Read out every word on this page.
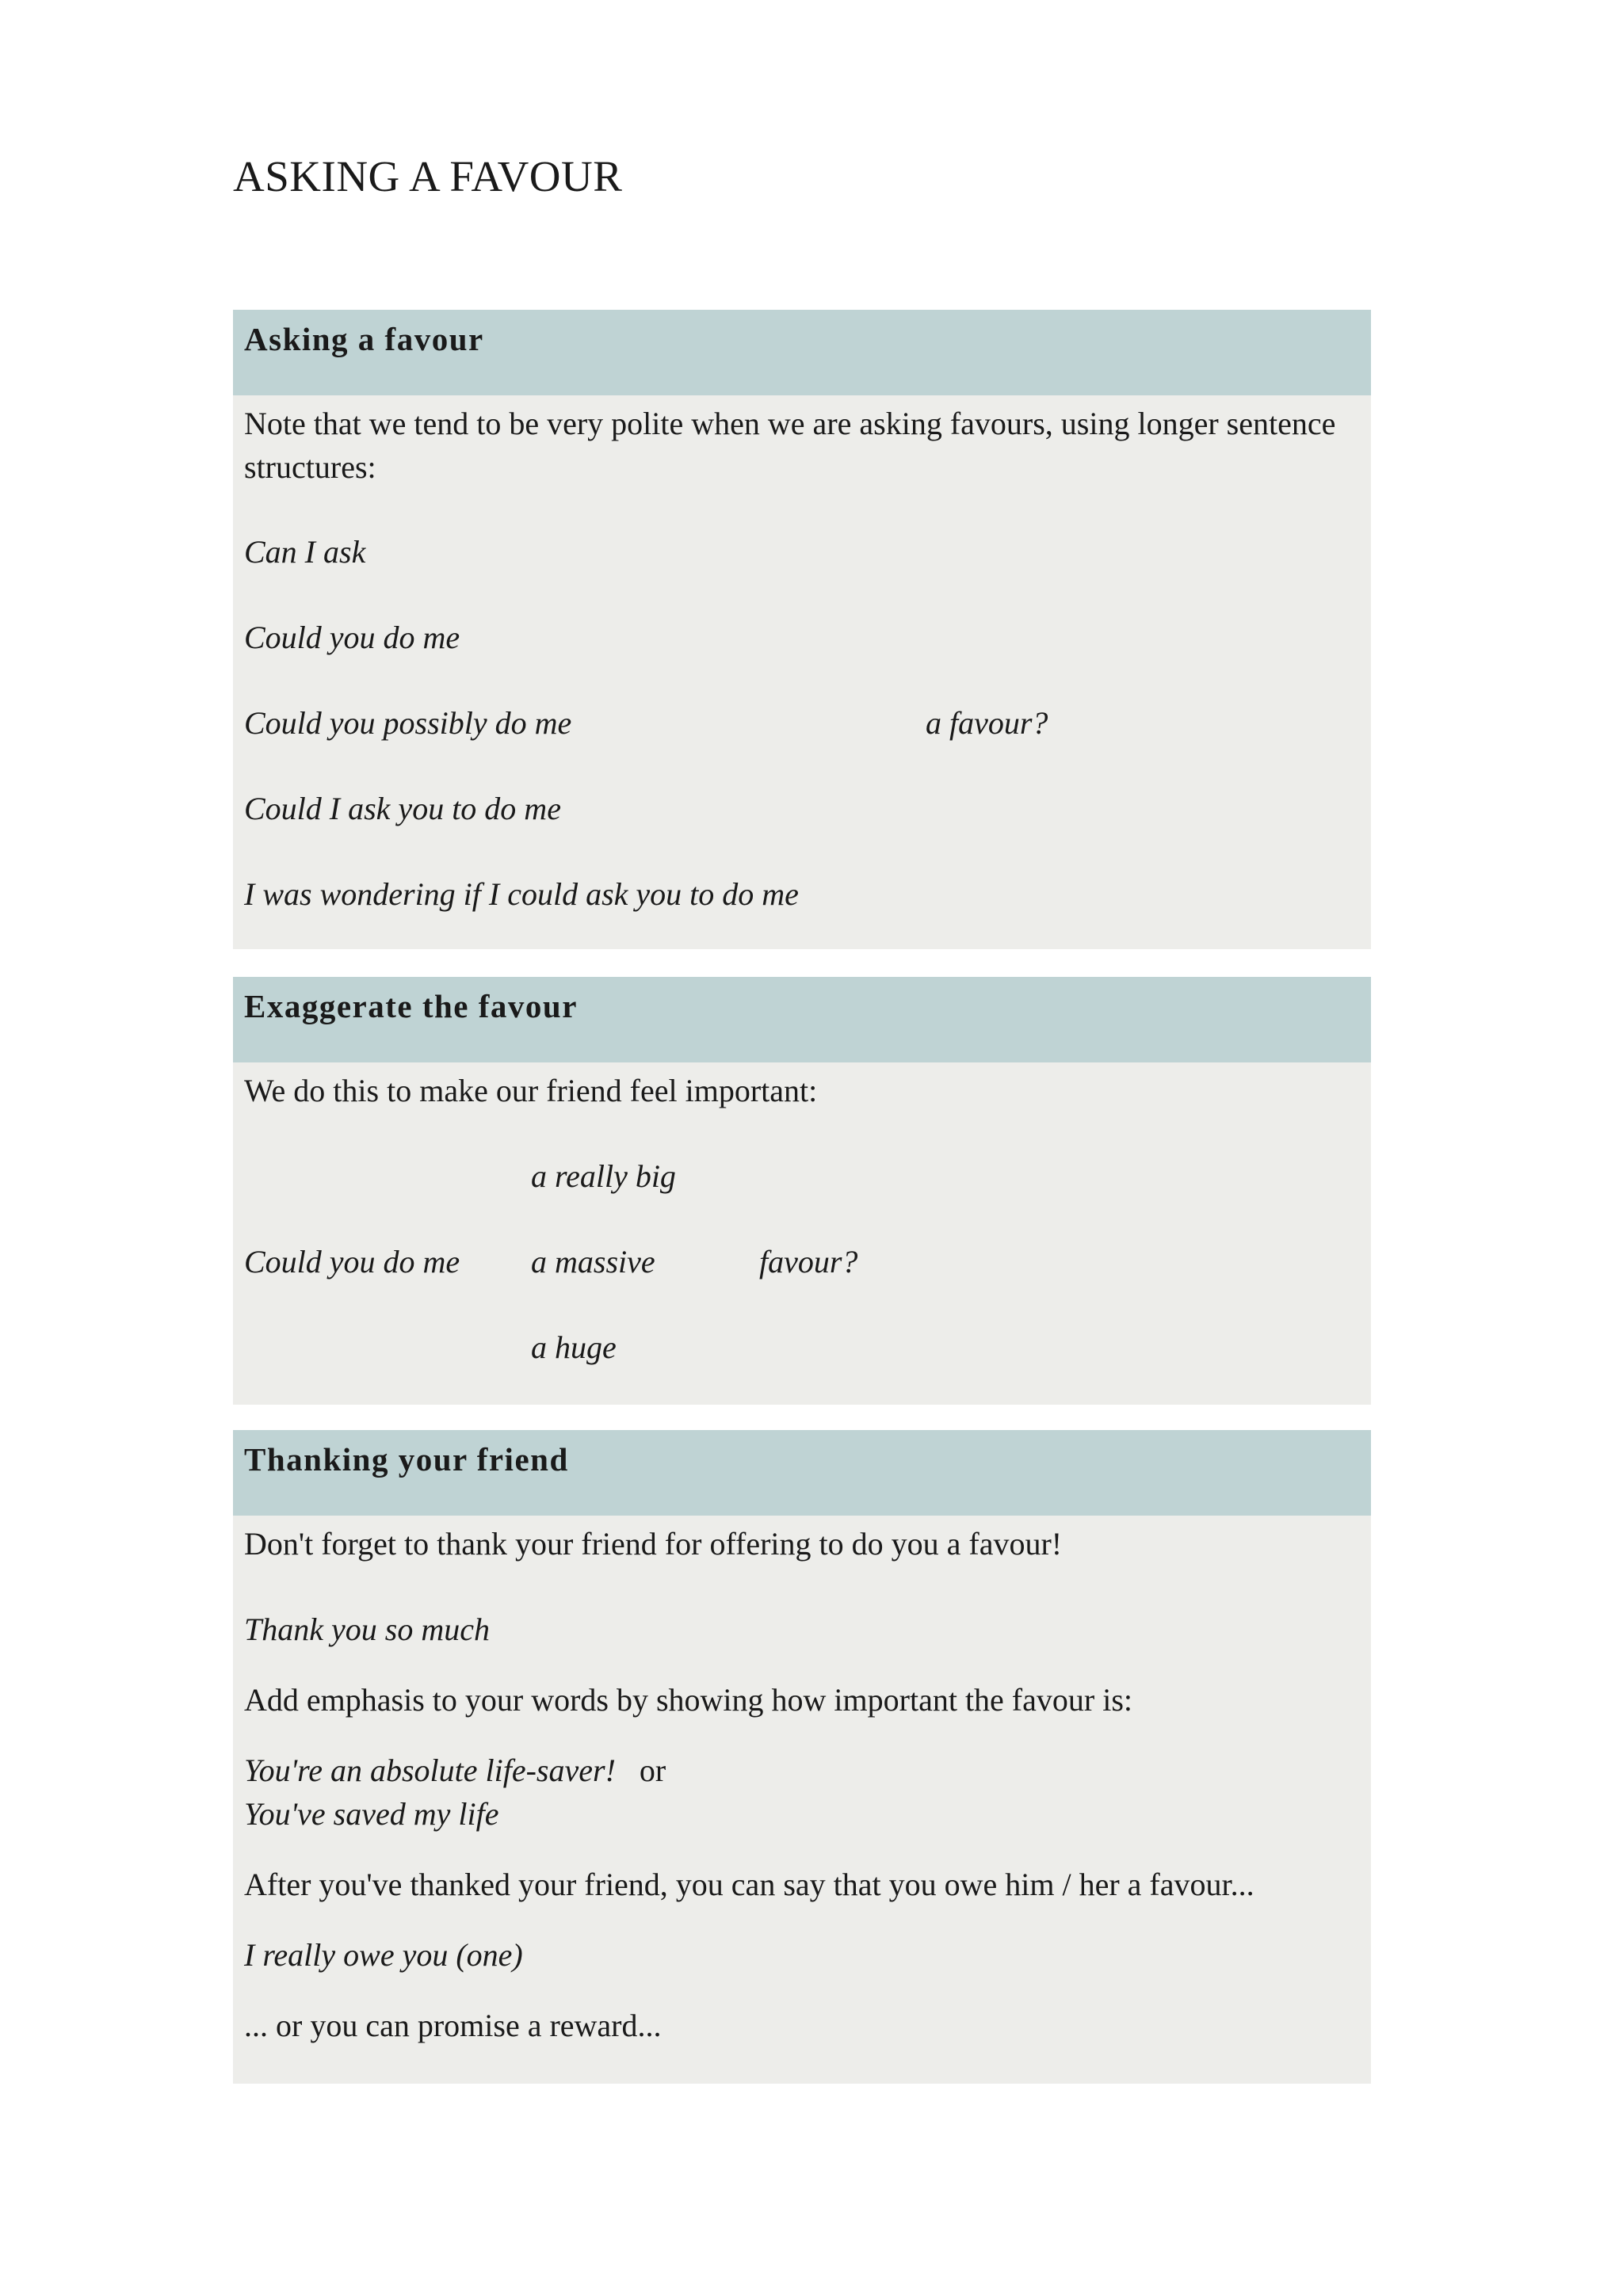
ASKING A FAVOUR
Asking a favour
Note that we tend to be very polite when we are asking favours, using longer sentence structures:
Can I ask
Could you do me
Could you possibly do me	a favour?
Could I ask you to do me
I was wondering if I could ask you to do me
Exaggerate the favour
We do this to make our friend feel important:
a really big
Could you do me a massive	favour?
a huge
Thanking your friend
Don't forget to thank your friend for offering to do you a favour!
Thank you so much
Add emphasis to your words by showing how important the favour is:
You're an absolute life-saver! or
You've saved my life
After you've thanked your friend, you can say that you owe him / her a favour...
I really owe you (one)
... or you can promise a reward...
